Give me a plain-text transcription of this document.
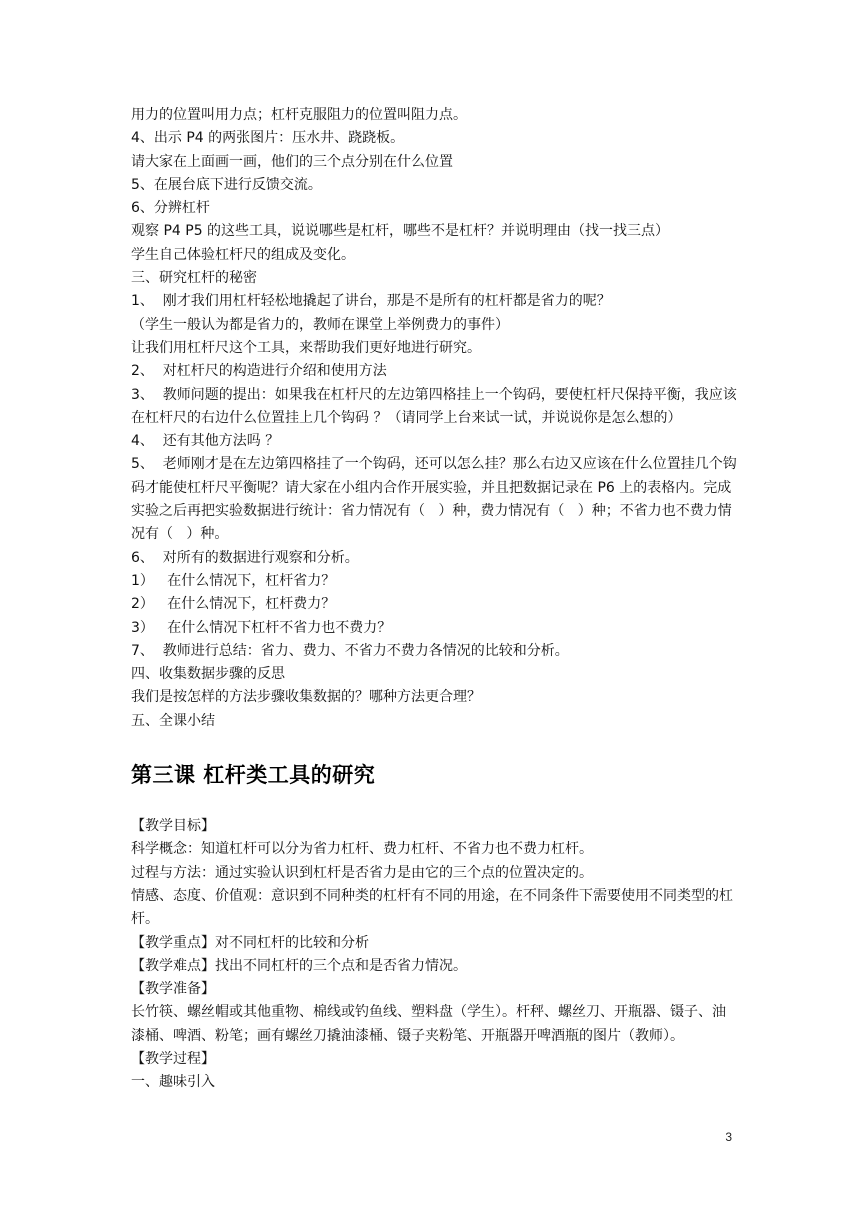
用力的位置叫用力点；杠杆克服阻力的位置叫阻力点。

4、出示 P4 的两张图片：压水井、跷跷板。

请大家在上面画一画，他们的三个点分别在什么位置

5、在展台底下进行反馈交流。

6、分辨杠杆

观察 P4 P5 的这些工具，说说哪些是杠杆，哪些不是杠杆？并说明理由（找一找三点）

学生自己体验杠杆尺的组成及变化。

三、研究杠杆的秘密

1、  刚才我们用杠杆轻松地撬起了讲台，那是不是所有的杠杆都是省力的呢？

（学生一般认为都是省力的，教师在课堂上举例费力的事件）

让我们用杠杆尺这个工具，来帮助我们更好地进行研究。

2、  对杠杆尺的构造进行介绍和使用方法

3、  教师问题的提出：如果我在杠杆尺的左边第四格挂上一个钩码，要使杠杆尺保持平衡，我应该在杠杆尺的右边什么位置挂上几个钩码 ？（请同学上台来试一试，并说说你是怎么想的）

4、  还有其他方法吗 ？

5、  老师刚才是在左边第四格挂了一个钩码，还可以怎么挂？那么右边又应该在什么位置挂几个钩码才能使杠杆尺平衡呢？请大家在小组内合作开展实验，并且把数据记录在 P6 上的表格内。完成实验之后再把实验数据进行统计：省力情况有（   ）种，费力情况有（   ）种；不省力也不费力情况有（   ）种。

6、  对所有的数据进行观察和分析。

1）   在什么情况下，杠杆省力？

2）   在什么情况下，杠杆费力？

3）   在什么情况下杠杆不省力也不费力？

7、  教师进行总结：省力、费力、不省力不费力各情况的比较和分析。

四、收集数据步骤的反思

我们是按怎样的方法步骤收集数据的？哪种方法更合理？

五、全课小结

第三课 杠杆类工具的研究

【教学目标】

科学概念：知道杠杆可以分为省力杠杆、费力杠杆、不省力也不费力杠杆。

过程与方法：通过实验认识到杠杆是否省力是由它的三个点的位置决定的。

情感、态度、价值观：意识到不同种类的杠杆有不同的用途，在不同条件下需要使用不同类型的杠杆。

【教学重点】对不同杠杆的比较和分析

【教学难点】找出不同杠杆的三个点和是否省力情况。

【教学准备】

长竹筷、螺丝帽或其他重物、棉线或钓鱼线、塑料盘（学生）。杆秤、螺丝刀、开瓶器、镊子、油漆桶、啤酒、粉笔；画有螺丝刀撬油漆桶、镊子夹粉笔、开瓶器开啤酒瓶的图片（教师）。

【教学过程】

一、趣味引入

3
